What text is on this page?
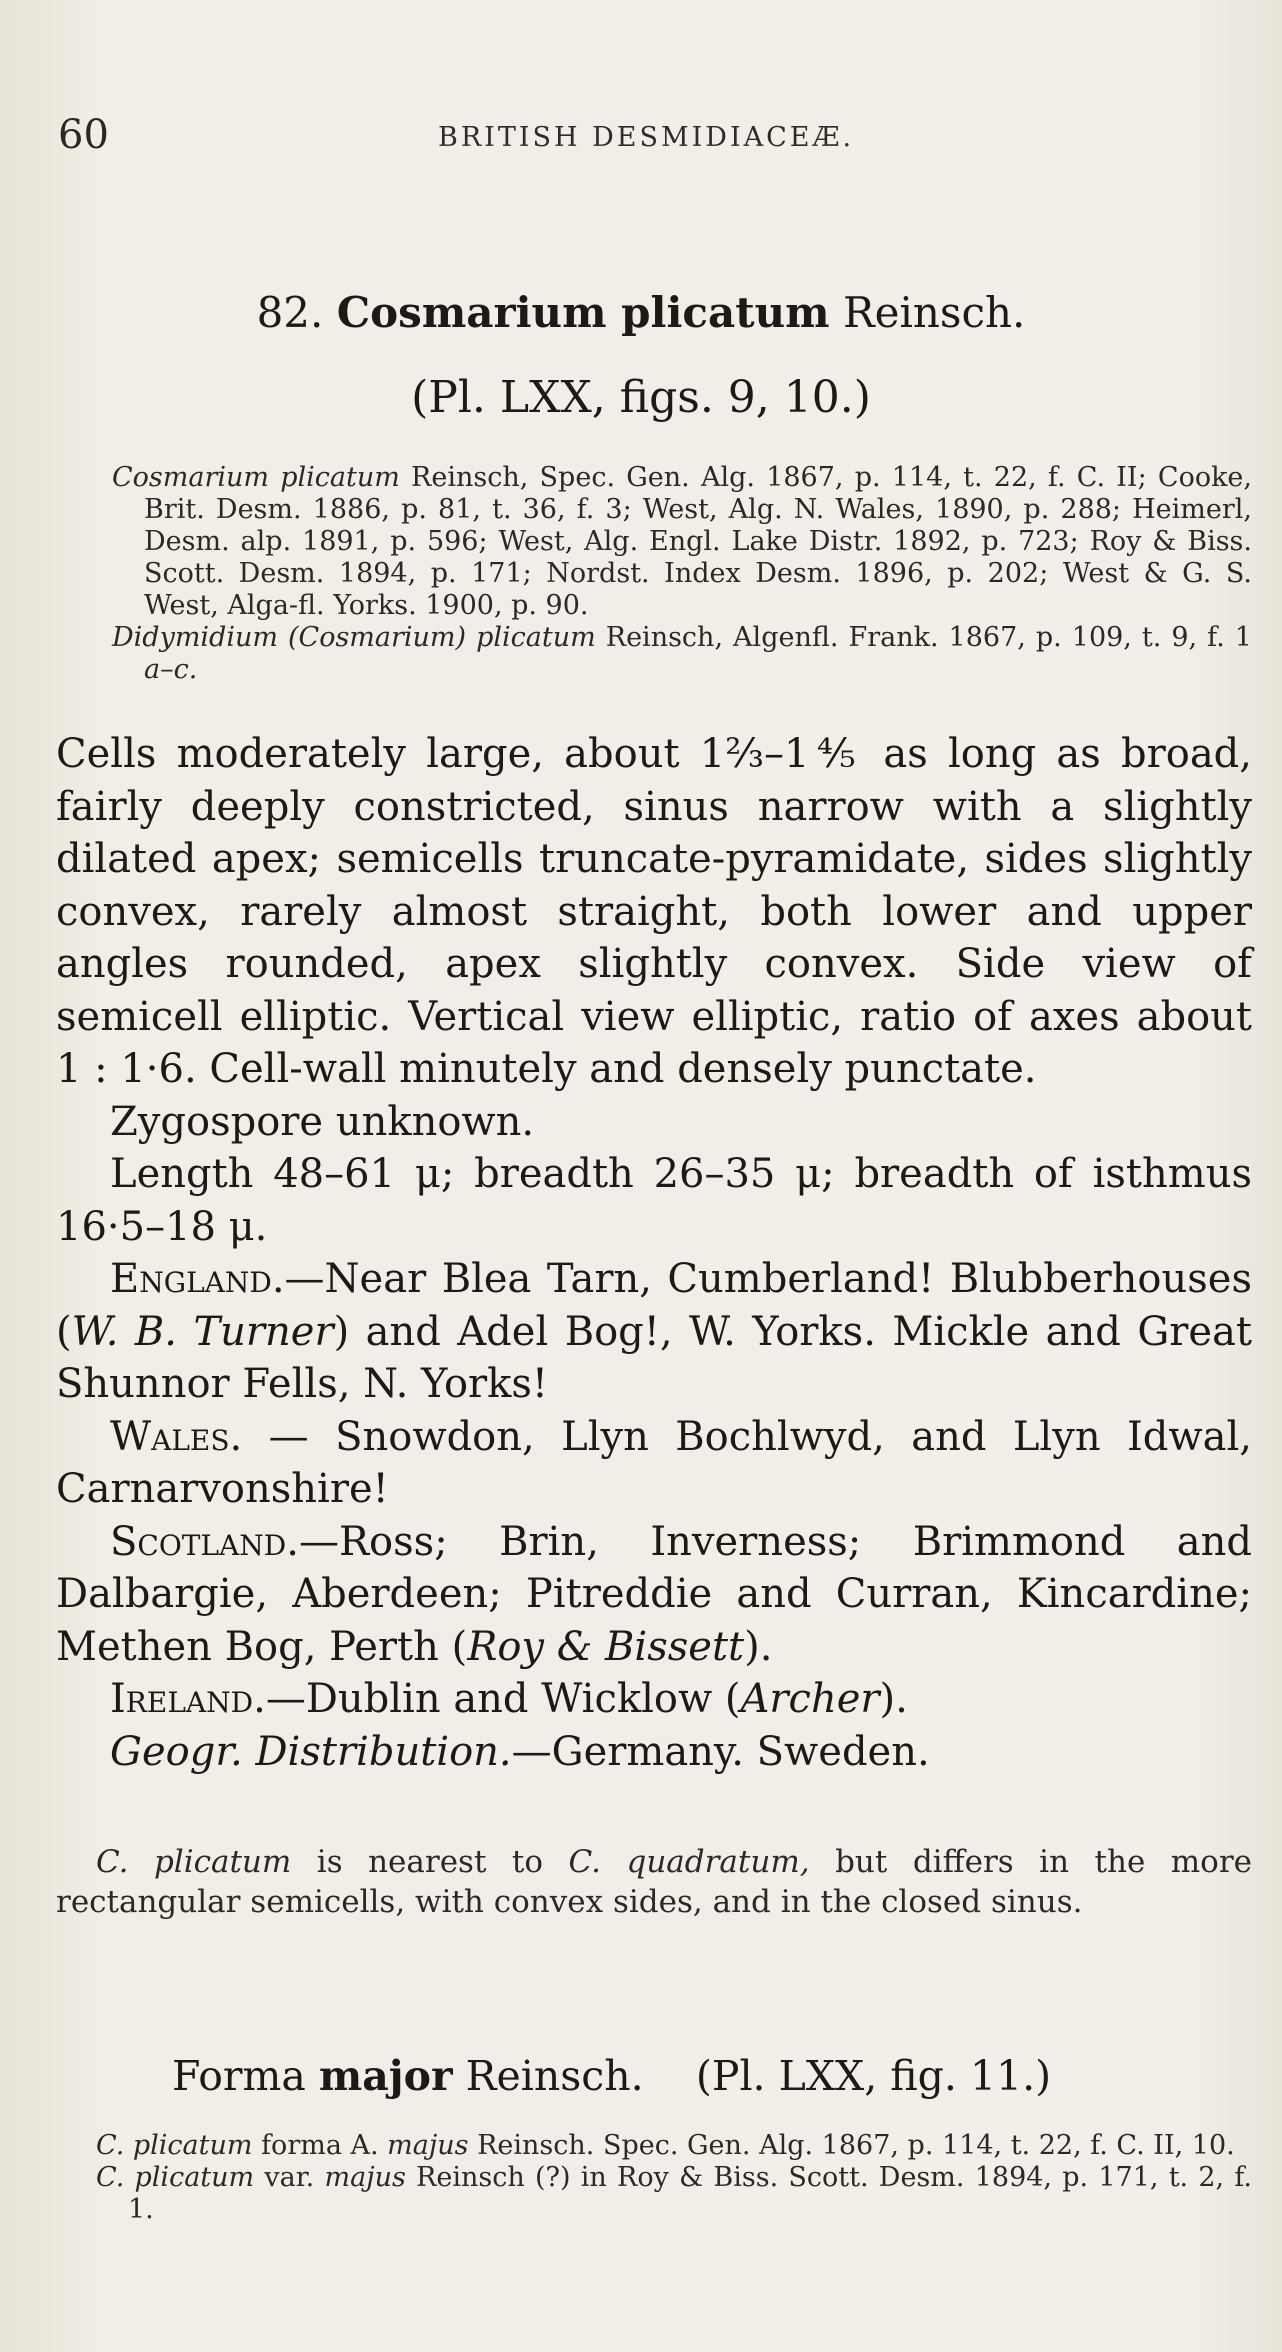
60	BRITISH DESMIDIACEÆ.
82. Cosmarium plicatum Reinsch.
(Pl. LXX, figs. 9, 10.)

Cosmarium plicatum Reinsch, Spec. Gen. Alg. 1867, p. 114, t. 22, f. C. II; Cooke, Brit. Desm. 1886, p. 81, t. 36, f. 3; West, Alg. N. Wales, 1890, p. 288; Heimerl, Desm. alp. 1891, p. 596; West, Alg. Engl. Lake Distr. 1892, p. 723; Roy & Biss. Scott. Desm. 1894, p. 171; Nordst. Index Desm. 1896, p. 202; West & G. S. West, Alga-fl. Yorks. 1900, p. 90.

Didymidium (Cosmarium) plicatum Reinsch, Algenfl. Frank. 1867, p. 109, t. 9, f. 1 a–c.

Cells moderately large, about 1⅔–1⅘ as long as broad, fairly deeply constricted, sinus narrow with a slightly dilated apex; semicells truncate-pyramidate, sides slightly convex, rarely almost straight, both lower and upper angles rounded, apex slightly convex. Side view of semicell elliptic. Vertical view elliptic, ratio of axes about 1 : 1·6. Cell-wall minutely and densely punctate.

Zygospore unknown.

Length 48–61 μ; breadth 26–35 μ; breadth of isthmus 16·5–18 μ.

England.—Near Blea Tarn, Cumberland! Blubberhouses (W. B. Turner) and Adel Bog!, W. Yorks. Mickle and Great Shunnor Fells, N. Yorks!

Wales. — Snowdon, Llyn Bochlwyd, and Llyn Idwal, Carnarvonshire!

Scotland.—Ross; Brin, Inverness; Brimmond and Dalbargie, Aberdeen; Pitreddie and Curran, Kincardine; Methen Bog, Perth (Roy & Bissett).

Ireland.—Dublin and Wicklow (Archer).

Geogr. Distribution.—Germany. Sweden.

C. plicatum is nearest to C. quadratum, but differs in the more rectangular semicells, with convex sides, and in the closed sinus.
Forma major Reinsch. (Pl. LXX, fig. 11.)

C. plicatum forma A. majus Reinsch. Spec. Gen. Alg. 1867, p. 114, t. 22, f. C. II, 10.

C. plicatum var. majus Reinsch (?) in Roy & Biss. Scott. Desm. 1894, p. 171, t. 2, f. 1.
